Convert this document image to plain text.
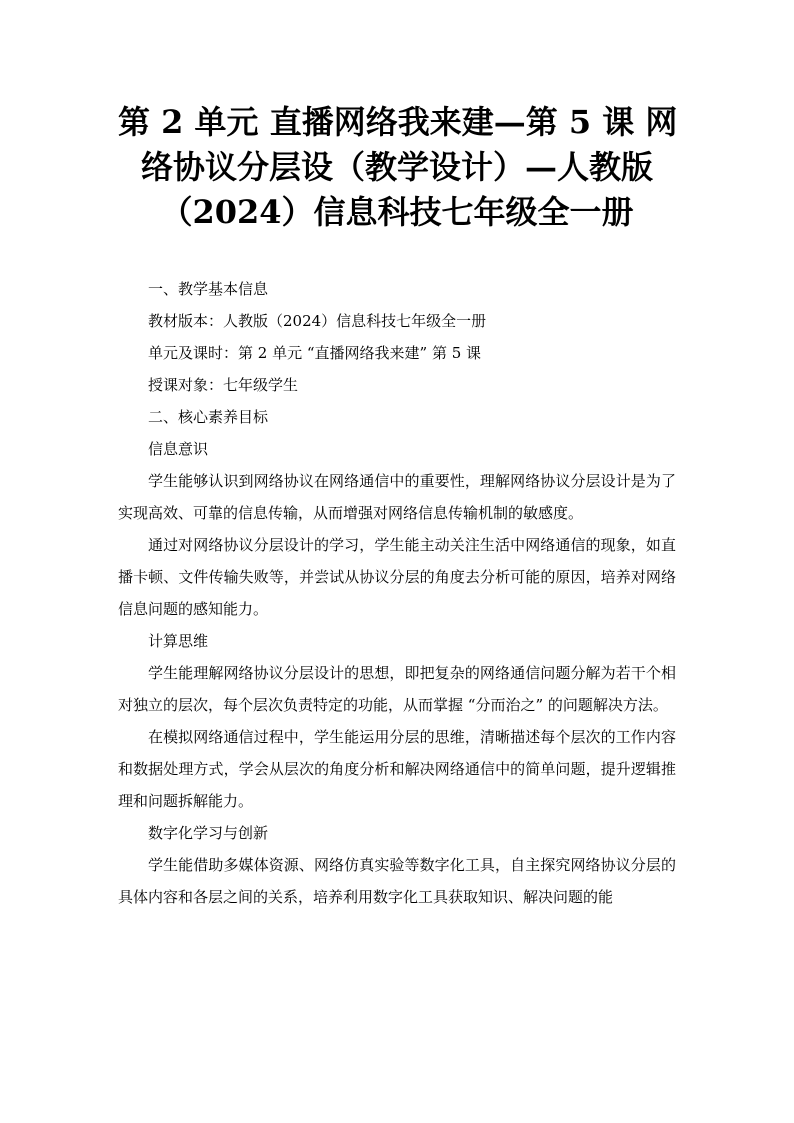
第 2 单元 直播网络我来建—第 5 课 网
络协议分层设（教学设计）—人教版
（2024）信息科技七年级全一册

一、教学基本信息

教材版本：人教版（2024）信息科技七年级全一册

单元及课时：第 2 单元 “直播网络我来建” 第 5 课

授课对象：七年级学生

二、核心素养目标

信息意识

学生能够认识到网络协议在网络通信中的重要性，理解网络协议分层设计是为了实现高效、可靠的信息传输，从而增强对网络信息传输机制的敏感度。

通过对网络协议分层设计的学习，学生能主动关注生活中网络通信的现象，如直播卡顿、文件传输失败等，并尝试从协议分层的角度去分析可能的原因，培养对网络信息问题的感知能力。

计算思维

学生能理解网络协议分层设计的思想，即把复杂的网络通信问题分解为若干个相对独立的层次，每个层次负责特定的功能，从而掌握 “分而治之” 的问题解决方法。

在模拟网络通信过程中，学生能运用分层的思维，清晰描述每个层次的工作内容和数据处理方式，学会从层次的角度分析和解决网络通信中的简单问题，提升逻辑推理和问题拆解能力。

数字化学习与创新

学生能借助多媒体资源、网络仿真实验等数字化工具，自主探究网络协议分层的具体内容和各层之间的关系，培养利用数字化工具获取知识、解决问题的能
